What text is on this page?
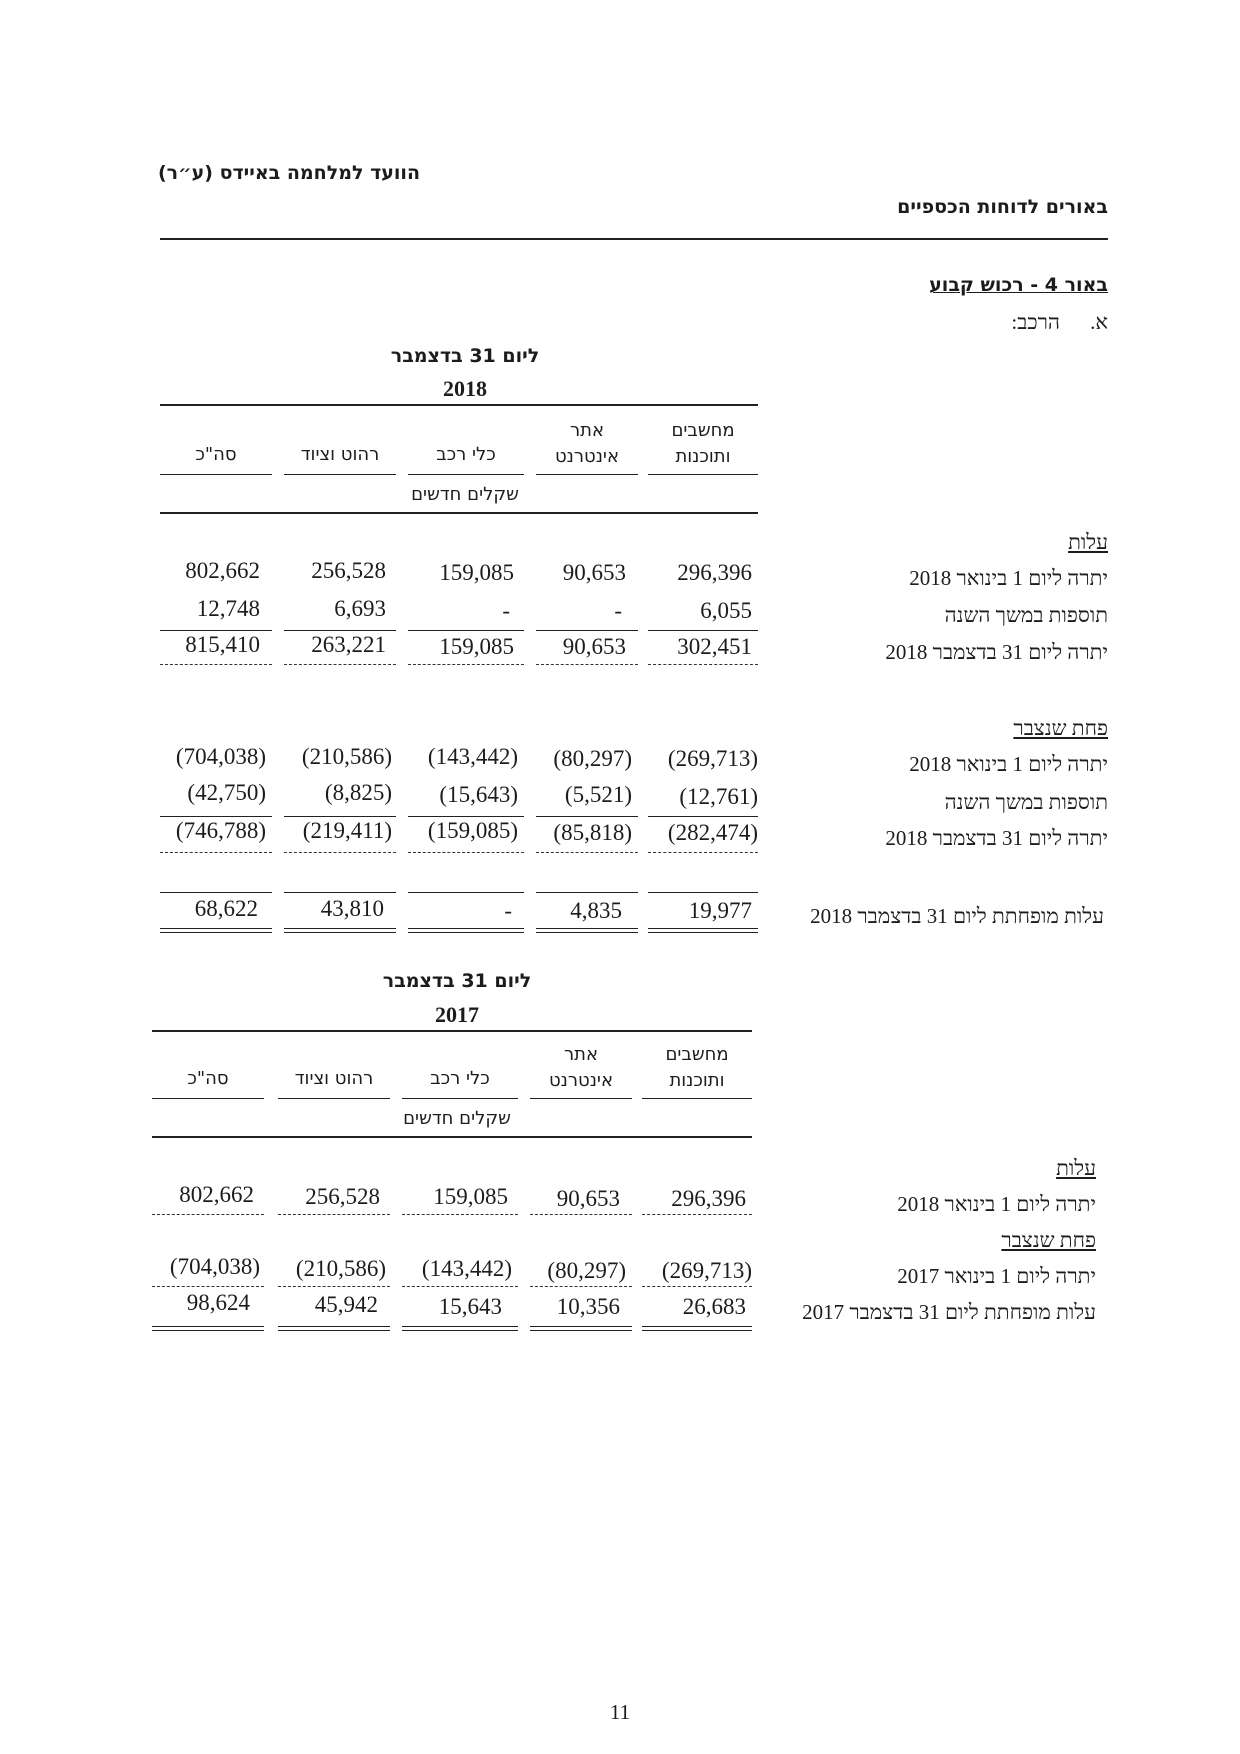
הוועד למלחמה באיידס (ע״ר)
באורים לדוחות הכספיים
באור 4 - רכוש קבוע
א.
הרכב:
ליום 31 בדצמבר
2018
מחשבים
ותוכנות
אתר
אינטרנט
כלי רכב
רהוט וציוד
סה"כ
שקלים חדשים
עלות
יתרה ליום 1 בינואר 2018
296,396
90,653
159,085
256,528
802,662
תוספות במשך השנה
6,055
-
-
6,693
12,748
יתרה ליום 31 בדצמבר 2018
302,451
90,653
159,085
263,221
815,410
פחת שנצבר
יתרה ליום 1 בינואר 2018
(269,713)
(80,297)
(143,442)
(210,586)
(704,038)
תוספות במשך השנה
(12,761)
(5,521)
(15,643)
(8,825)
(42,750)
יתרה ליום 31 בדצמבר 2018
(282,474)
(85,818)
(159,085)
(219,411)
(746,788)
עלות מופחתת ליום 31 בדצמבר 2018
19,977
4,835
-
43,810
68,622
ליום 31 בדצמבר
2017
מחשבים
ותוכנות
אתר
אינטרנט
כלי רכב
רהוט וציוד
סה"כ
שקלים חדשים
עלות
יתרה ליום 1 בינואר 2018
296,396
90,653
159,085
256,528
802,662
פחת שנצבר
יתרה ליום 1 בינואר 2017
(269,713)
(80,297)
(143,442)
(210,586)
(704,038)
עלות מופחתת ליום 31 בדצמבר 2017
26,683
10,356
15,643
45,942
98,624
11
